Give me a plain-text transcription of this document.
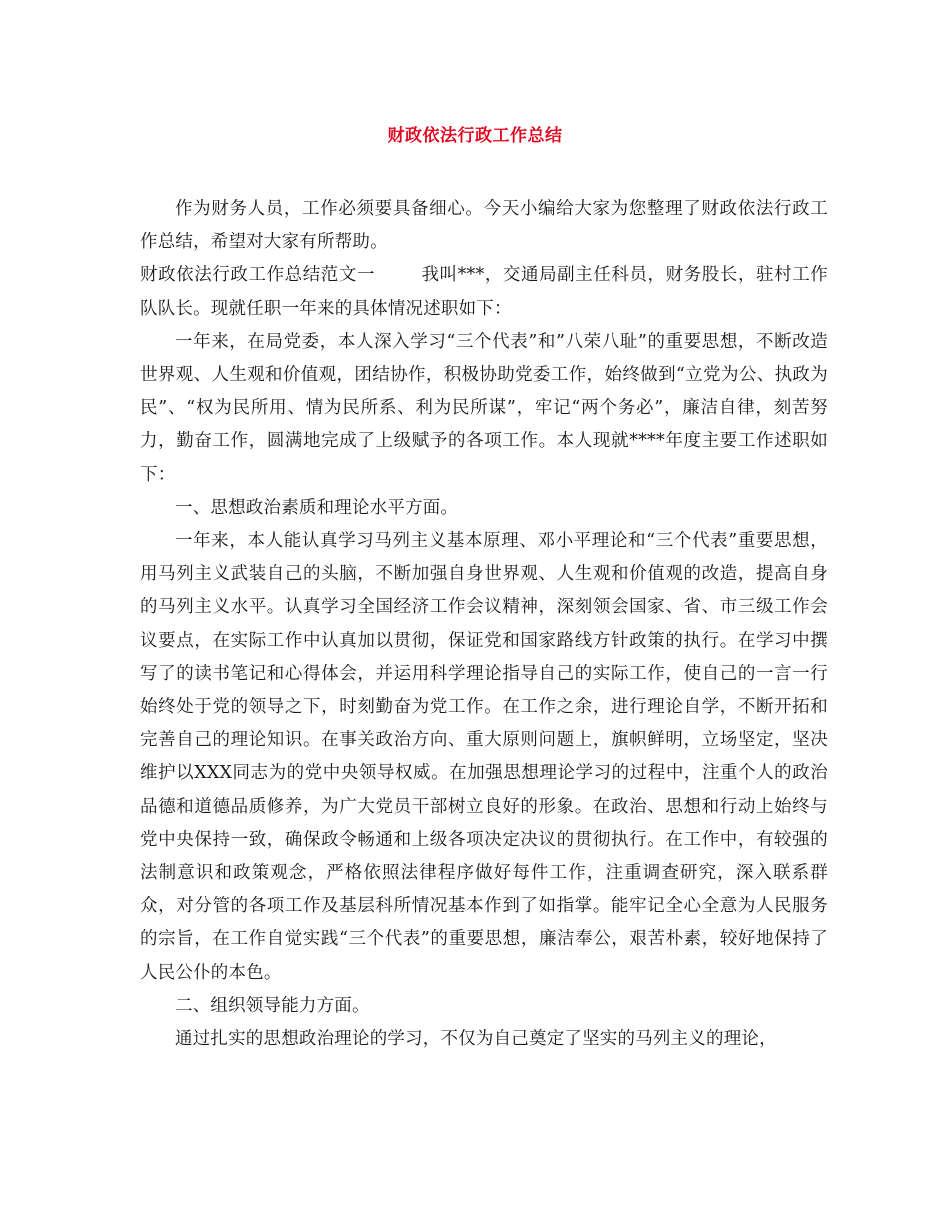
财政依法行政工作总结

作为财务人员，工作必须要具备细心。今天小编给大家为您整理了财政依法行政工作总结，希望对大家有所帮助。

财政依法行政工作总结范文一	我叫***，交通局副主任科员，财务股长，驻村工作队队长。现就任职一年来的具体情况述职如下：

一年来，在局党委，本人深入学习“三个代表”和”八荣八耻”的重要思想，不断改造世界观、人生观和价值观，团结协作，积极协助党委工作，始终做到“立党为公、执政为民”、“权为民所用、情为民所系、利为民所谋”，牢记“两个务必”，廉洁自律，刻苦努力，勤奋工作，圆满地完成了上级赋予的各项工作。本人现就****年度主要工作述职如下：

一、思想政治素质和理论水平方面。

一年来，本人能认真学习马列主义基本原理、邓小平理论和“三个代表”重要思想，用马列主义武装自己的头脑，不断加强自身世界观、人生观和价值观的改造，提高自身的马列主义水平。认真学习全国经济工作会议精神，深刻领会国家、省、市三级工作会议要点，在实际工作中认真加以贯彻，保证党和国家路线方针政策的执行。在学习中撰写了的读书笔记和心得体会，并运用科学理论指导自己的实际工作，使自己的一言一行始终处于党的领导之下，时刻勤奋为党工作。在工作之余，进行理论自学，不断开拓和完善自己的理论知识。在事关政治方向、重大原则问题上，旗帜鲜明，立场坚定，坚决维护以XXX同志为的党中央领导权威。在加强思想理论学习的过程中，注重个人的政治品德和道德品质修养，为广大党员干部树立良好的形象。在政治、思想和行动上始终与党中央保持一致，确保政令畅通和上级各项决定决议的贯彻执行。在工作中，有较强的法制意识和政策观念，严格依照法律程序做好每件工作，注重调查研究，深入联系群众，对分管的各项工作及基层科所情况基本作到了如指掌。能牢记全心全意为人民服务的宗旨，在工作自觉实践“三个代表”的重要思想，廉洁奉公，艰苦朴素，较好地保持了人民公仆的本色。

二、组织领导能力方面。

通过扎实的思想政治理论的学习，不仅为自己奠定了坚实的马列主义的理论，
